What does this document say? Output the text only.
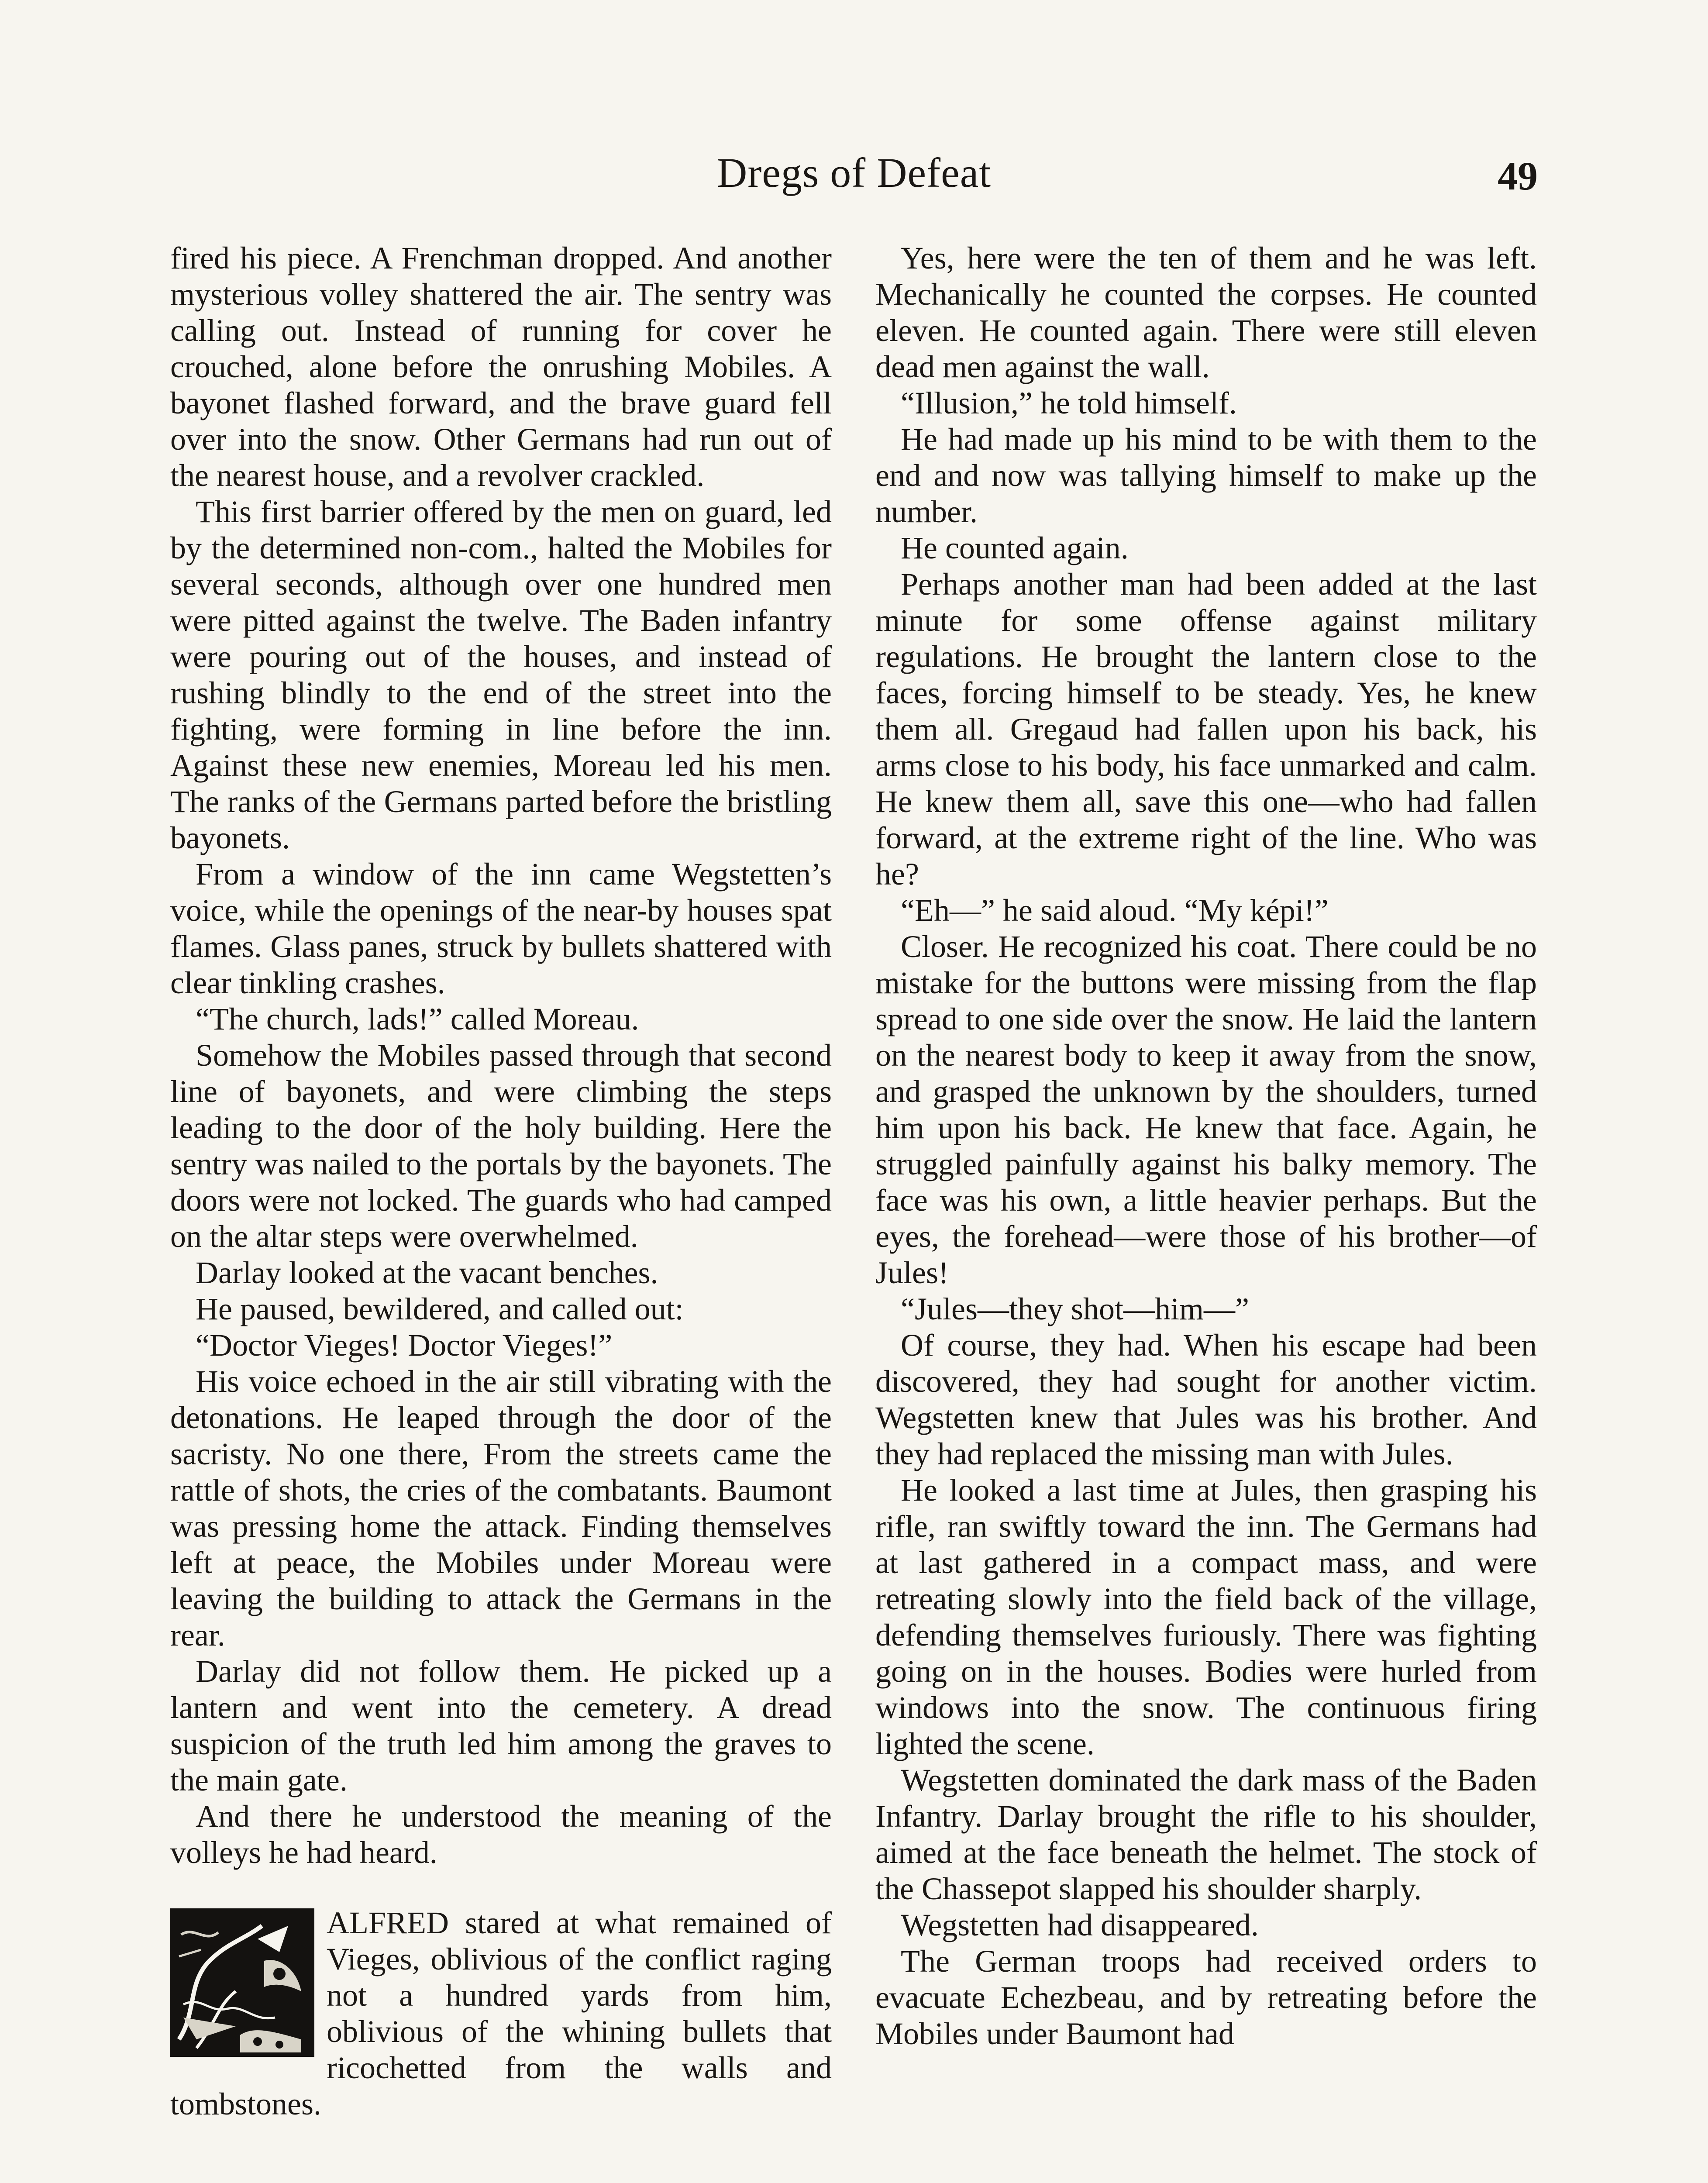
Dregs of Defeat	49

fired his piece. A Frenchman dropped. And another mysterious volley shattered the air. The sentry was calling out. Instead of running for cover he crouched, alone before the onrushing Mobiles. A bayonet flashed forward, and the brave guard fell over into the snow. Other Germans had run out of the nearest house, and a revolver crackled.

This first barrier offered by the men on guard, led by the determined non-com., halted the Mobiles for several seconds, although over one hundred men were pitted against the twelve. The Baden infantry were pouring out of the houses, and instead of rushing blindly to the end of the street into the fighting, were forming in line before the inn. Against these new enemies, Moreau led his men. The ranks of the Germans parted before the bristling bayonets.

From a window of the inn came Wegstetten’s voice, while the openings of the near-by houses spat flames. Glass panes, struck by bullets shattered with clear tinkling crashes.

“The church, lads!” called Moreau.

Somehow the Mobiles passed through that second line of bayonets, and were climbing the steps leading to the door of the holy building. Here the sentry was nailed to the portals by the bayonets. The doors were not locked. The guards who had camped on the altar steps were overwhelmed.

Darlay looked at the vacant benches.

He paused, bewildered, and called out:

“Doctor Vieges! Doctor Vieges!”

His voice echoed in the air still vibrating with the detonations. He leaped through the door of the sacristy. No one there, From the streets came the rattle of shots, the cries of the combatants. Baumont was pressing home the attack. Finding themselves left at peace, the Mobiles under Moreau were leaving the building to attack the Germans in the rear.

Darlay did not follow them. He picked up a lantern and went into the cemetery. A dread suspicion of the truth led him among the graves to the main gate.

And there he understood the meaning of the volleys he had heard.

ALFRED stared at what remained of Vieges, oblivious of the conflict raging not a hundred yards from him, oblivious of the whining bullets that ricochetted from the walls and tombstones.

Yes, here were the ten of them and he was left. Mechanically he counted the corpses. He counted eleven. He counted again. There were still eleven dead men against the wall.

“Illusion,” he told himself.

He had made up his mind to be with them to the end and now was tallying himself to make up the number.

He counted again.

Perhaps another man had been added at the last minute for some offense against military regulations. He brought the lantern close to the faces, forcing himself to be steady. Yes, he knew them all. Gregaud had fallen upon his back, his arms close to his body, his face unmarked and calm. He knew them all, save this one—who had fallen forward, at the extreme right of the line. Who was he?

“Eh—” he said aloud. “My képi!”

Closer. He recognized his coat. There could be no mistake for the buttons were missing from the flap spread to one side over the snow. He laid the lantern on the nearest body to keep it away from the snow, and grasped the unknown by the shoulders, turned him upon his back. He knew that face. Again, he struggled painfully against his balky memory. The face was his own, a little heavier perhaps. But the eyes, the forehead—were those of his brother—of Jules!

“Jules—they shot—him—”

Of course, they had. When his escape had been discovered, they had sought for another victim. Wegstetten knew that Jules was his brother. And they had replaced the missing man with Jules.

He looked a last time at Jules, then grasping his rifle, ran swiftly toward the inn. The Germans had at last gathered in a compact mass, and were retreating slowly into the field back of the village, defending themselves furiously. There was fighting going on in the houses. Bodies were hurled from windows into the snow. The continuous firing lighted the scene.

Wegstetten dominated the dark mass of the Baden Infantry. Darlay brought the rifle to his shoulder, aimed at the face beneath the helmet. The stock of the Chassepot slapped his shoulder sharply.

Wegstetten had disappeared.

The German troops had received orders to evacuate Echezbeau, and by retreating before the Mobiles under Baumont had
